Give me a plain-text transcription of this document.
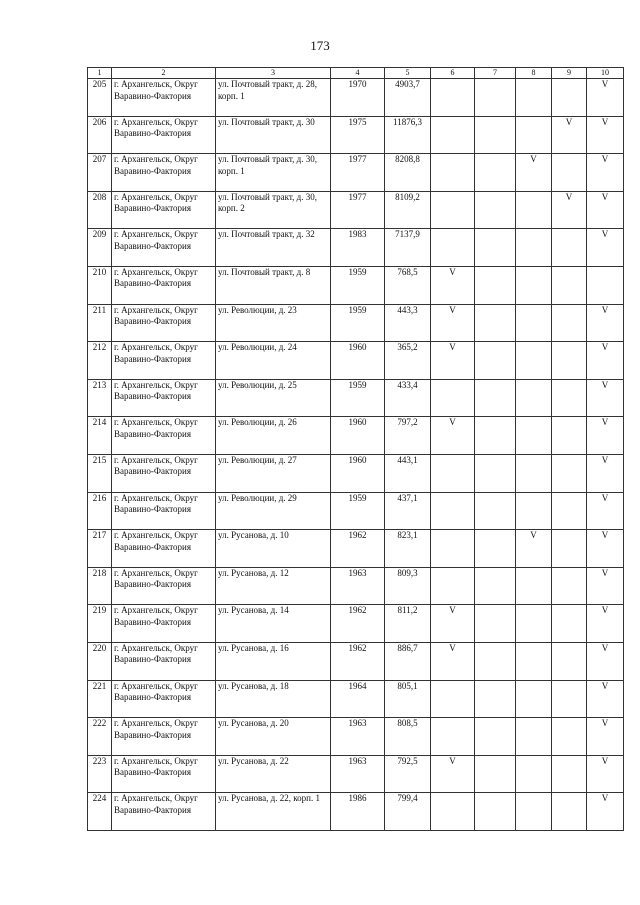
173
1	2	3	4	5	6	7	8	9	10
205	г. Архангельск, Округ Варавино-Фактория	ул. Почтовый тракт, д. 28, корп. 1	1970	4903,7					V
206	г. Архангельск, Округ Варавино-Фактория	ул. Почтовый тракт, д. 30	1975	11876,3				V	V
207	г. Архангельск, Округ Варавино-Фактория	ул. Почтовый тракт, д. 30, корп. 1	1977	8208,8			V		V
208	г. Архангельск, Округ Варавино-Фактория	ул. Почтовый тракт, д. 30, корп. 2	1977	8109,2				V	V
209	г. Архангельск, Округ Варавино-Фактория	ул. Почтовый тракт, д. 32	1983	7137,9					V
210	г. Архангельск, Округ Варавино-Фактория	ул. Почтовый тракт, д. 8	1959	768,5	V				
211	г. Архангельск, Округ Варавино-Фактория	ул. Революции, д. 23	1959	443,3	V				V
212	г. Архангельск, Округ Варавино-Фактория	ул. Революции, д. 24	1960	365,2	V				V
213	г. Архангельск, Округ Варавино-Фактория	ул. Революции, д. 25	1959	433,4					V
214	г. Архангельск, Округ Варавино-Фактория	ул. Революции, д. 26	1960	797,2	V				V
215	г. Архангельск, Округ Варавино-Фактория	ул. Революции, д. 27	1960	443,1					V
216	г. Архангельск, Округ Варавино-Фактория	ул. Революции, д. 29	1959	437,1					V
217	г. Архангельск, Округ Варавино-Фактория	ул. Русанова, д. 10	1962	823,1			V		V
218	г. Архангельск, Округ Варавино-Фактория	ул. Русанова, д. 12	1963	809,3					V
219	г. Архангельск, Округ Варавино-Фактория	ул. Русанова, д. 14	1962	811,2	V				V
220	г. Архангельск, Округ Варавино-Фактория	ул. Русанова, д. 16	1962	886,7	V				V
221	г. Архангельск, Округ Варавино-Фактория	ул. Русанова, д. 18	1964	805,1					V
222	г. Архангельск, Округ Варавино-Фактория	ул. Русанова, д. 20	1963	808,5					V
223	г. Архангельск, Округ Варавино-Фактория	ул. Русанова, д. 22	1963	792,5	V				V
224	г. Архангельск, Округ Варавино-Фактория	ул. Русанова, д. 22, корп. 1	1986	799,4					V
